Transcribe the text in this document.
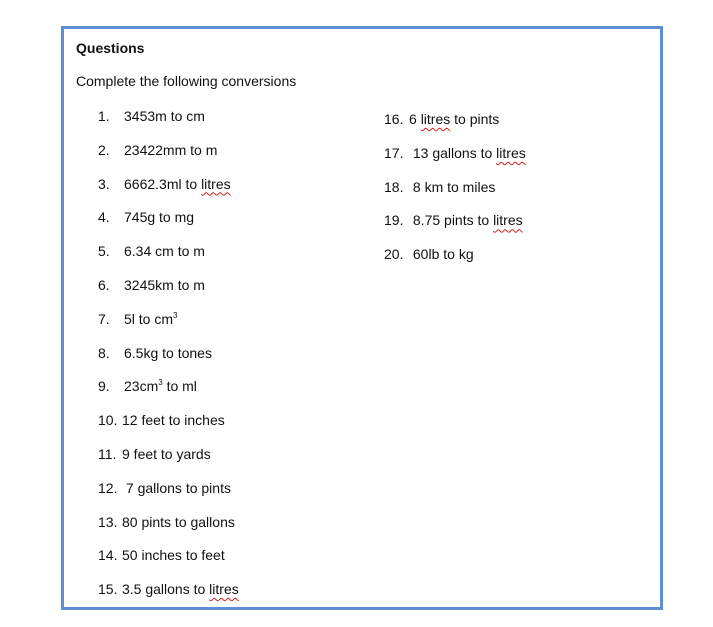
Questions

Complete the following conversions

1.	3453m to cm
2.	23422mm to m
3.	6662.3ml to litres
4.	745g to mg
5.	6.34 cm to m
6.	3245km to m
7.	5l to $cm^3$
8.	6.5kg to tones
9.	$23cm^3$ to ml
10. 12 feet to inches
11. 9 feet to yards
12. 7 gallons to pints
13. 80 pints to gallons
14. 50 inches to feet
15. 3.5 gallons to litres
16. 6 litres to pints
17. 13 gallons to litres
18. 8 km to miles
19. 8.75 pints to litres
20. 60lb to kg
